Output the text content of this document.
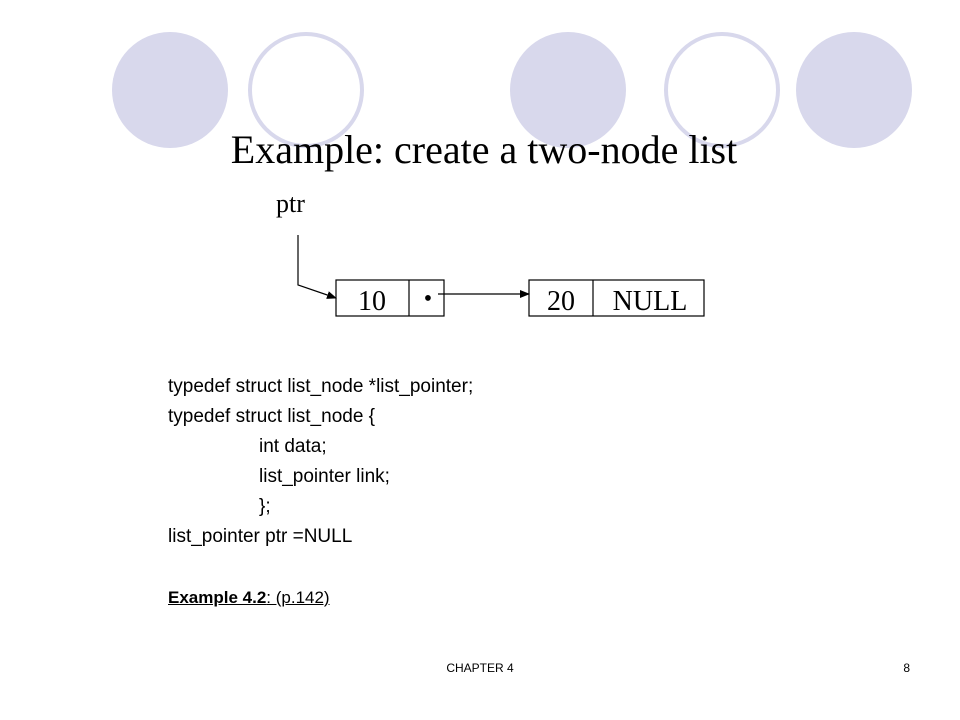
Example: create a two-node list
ptr
10 •	20 NULL
typedef struct list_node *list_pointer;
typedef struct list_node {
int data;
list_pointer link;
};
list_pointer ptr =NULL
Example 4.2: (p.142)
CHAPTER 4	8
